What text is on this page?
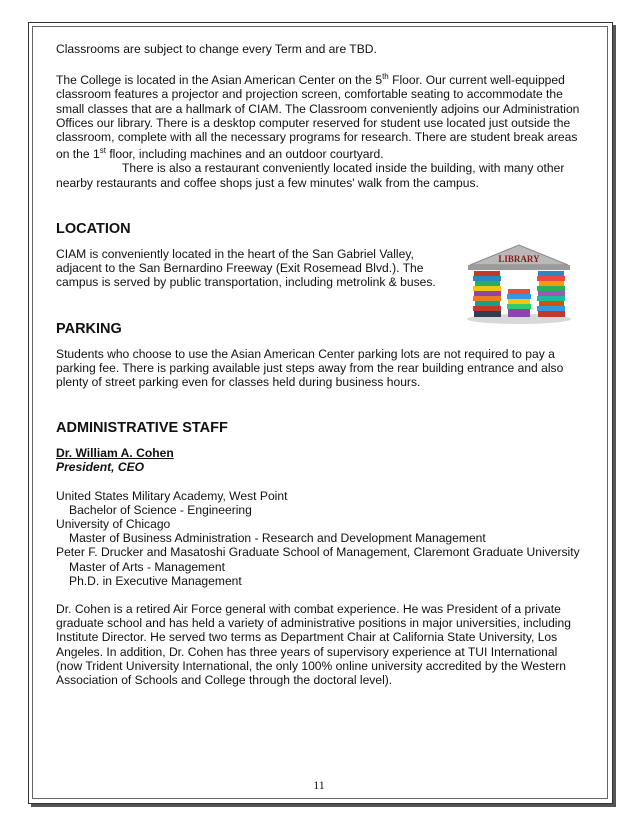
Classrooms are subject to change every Term and are TBD.

The College is located in the Asian American Center on the 5th Floor. Our current well-equipped classroom features a projector and projection screen, comfortable seating to accommodate the small classes that are a hallmark of CIAM. The Classroom conveniently adjoins our Administration Offices our library. There is a desktop computer reserved for student use located just outside the classroom, complete with all the necessary programs for research. There are student break areas on the 1st floor, including machines and an outdoor courtyard.
There is also a restaurant conveniently located inside the building, with many other nearby restaurants and coffee shops just a few minutes' walk from the campus.

LOCATION

CIAM is conveniently located in the heart of the San Gabriel Valley, adjacent to the San Bernardino Freeway (Exit Rosemead Blvd.). The campus is served by public transportation, including metrolink & buses.

LIBRARY
PARKING

Students who choose to use the Asian American Center parking lots are not required to pay a parking fee. There is parking available just steps away from the rear building entrance and also plenty of street parking even for classes held during business hours.

ADMINISTRATIVE STAFF

Dr. William A. Cohen

President, CEO

United States Military Academy, West Point

Bachelor of Science - Engineering

University of Chicago

Master of Business Administration - Research and Development Management

Peter F. Drucker and Masatoshi Graduate School of Management, Claremont Graduate University

Master of Arts - Management

Ph.D. in Executive Management

Dr. Cohen is a retired Air Force general with combat experience. He was President of a private graduate school and has held a variety of administrative positions in major universities, including Institute Director. He served two terms as Department Chair at California State University, Los Angeles. In addition, Dr. Cohen has three years of supervisory experience at TUI International (now Trident University International, the only 100% online university accredited by the Western Association of Schools and College through the doctoral level).

11
